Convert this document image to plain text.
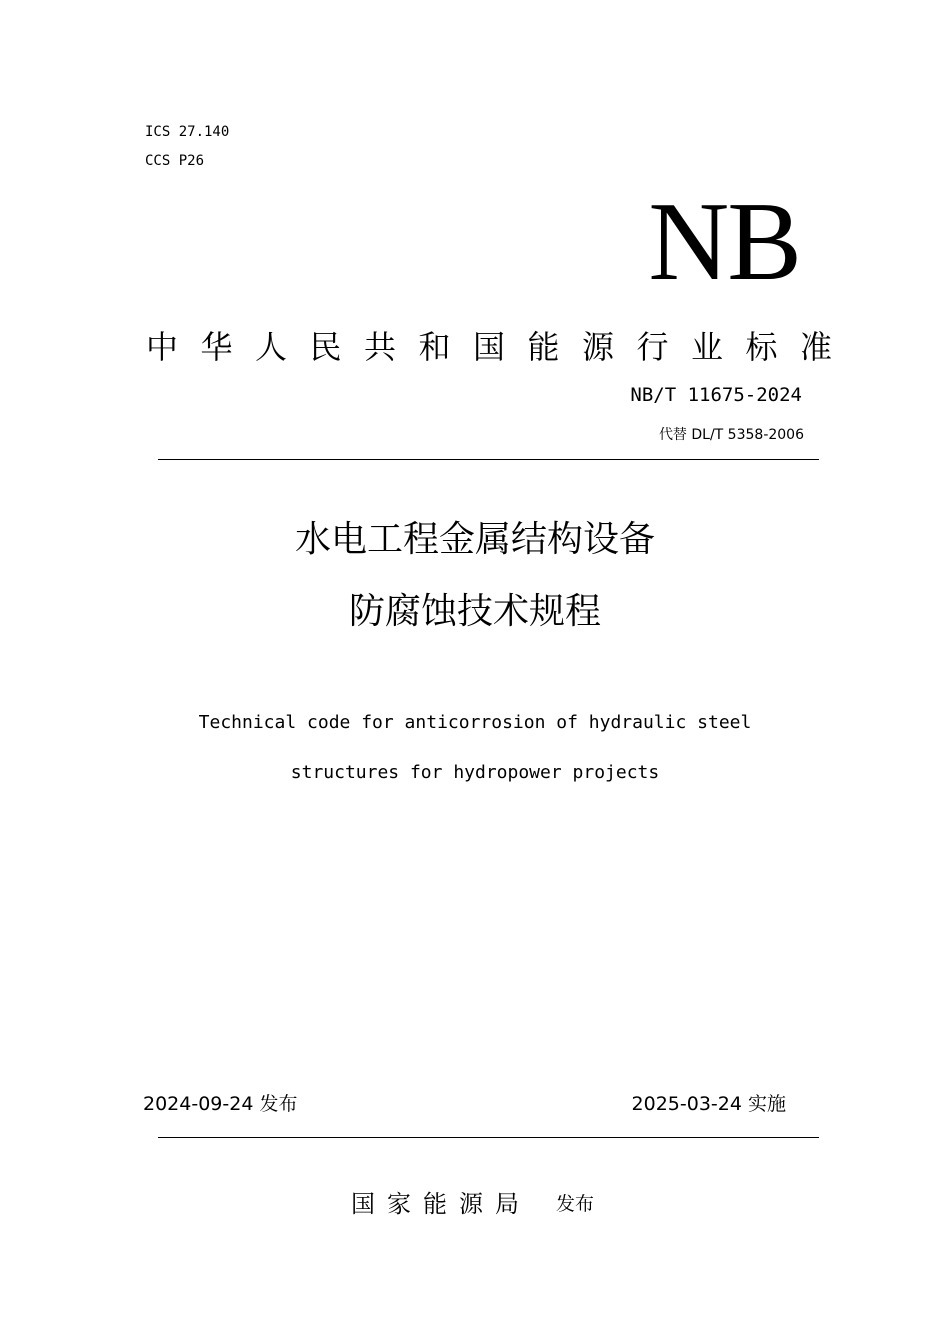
ICS 27.140
CCS P26
NB
中华人民共和国能源行业标准
NB/T 11675-2024
代替 DL/T 5358-2006
水电工程金属结构设备
防腐蚀技术规程
Technical code for anticorrosion of hydraulic steel
structures for hydropower projects
2024-09-24 发布	2025-03-24 实施
国家能源局 发布
